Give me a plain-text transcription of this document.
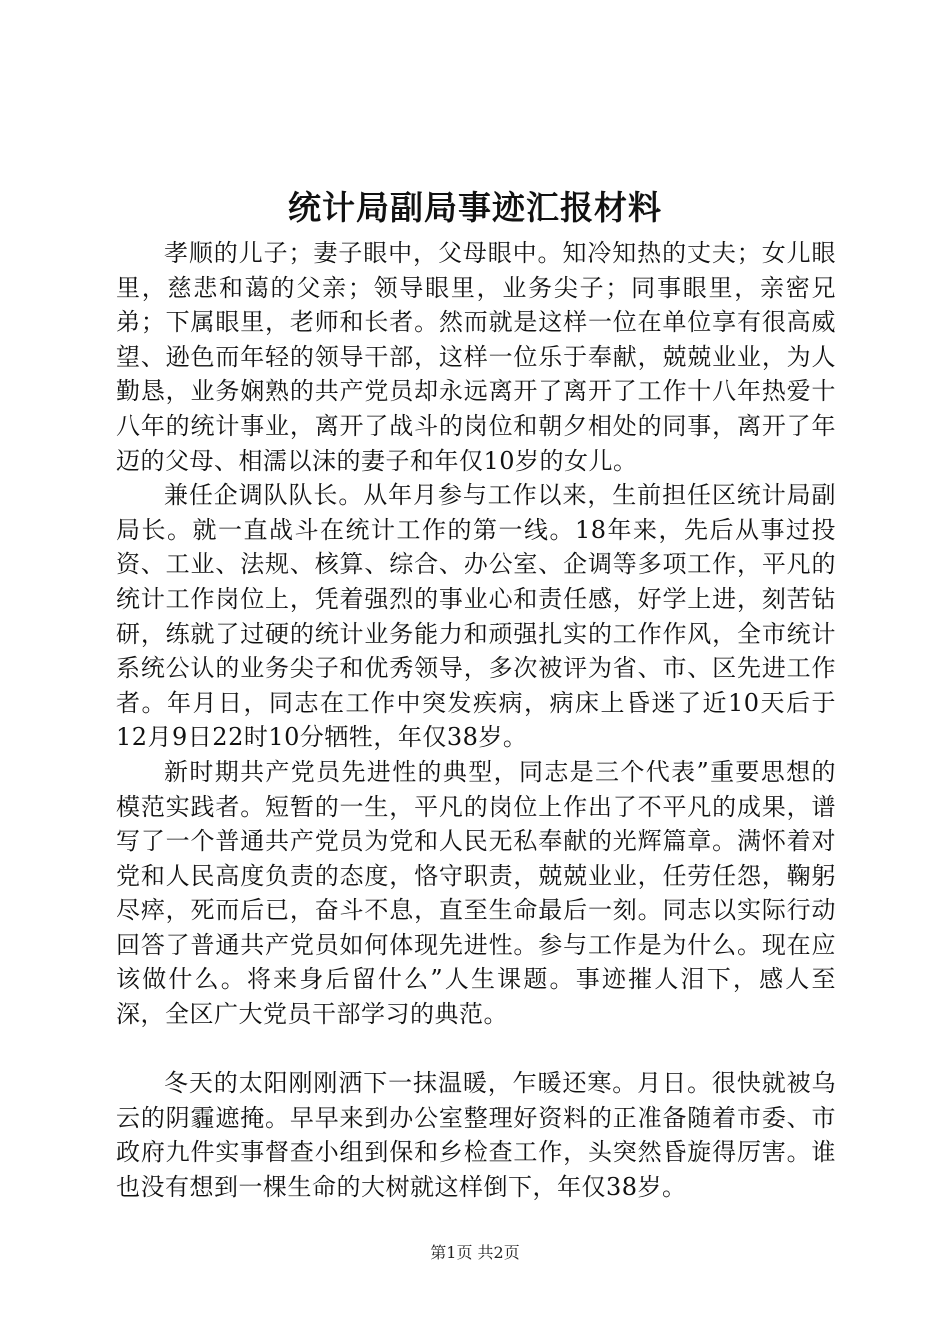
统计局副局事迹汇报材料

孝顺的儿子；妻子眼中，父母眼中。知冷知热的丈夫；女儿眼里，慈悲和蔼的父亲；领导眼里，业务尖子；同事眼里，亲密兄弟；下属眼里，老师和长者。然而就是这样一位在单位享有很高威望、逊色而年轻的领导干部，这样一位乐于奉献，兢兢业业，为人勤恳，业务娴熟的共产党员却永远离开了离开了工作十八年热爱十八年的统计事业，离开了战斗的岗位和朝夕相处的同事，离开了年迈的父母、相濡以沫的妻子和年仅10岁的女儿。

兼任企调队队长。从年月参与工作以来，生前担任区统计局副局长。就一直战斗在统计工作的第一线。18年来，先后从事过投资、工业、法规、核算、综合、办公室、企调等多项工作，平凡的统计工作岗位上，凭着强烈的事业心和责任感，好学上进，刻苦钻研，练就了过硬的统计业务能力和顽强扎实的工作作风，全市统计系统公认的业务尖子和优秀领导，多次被评为省、市、区先进工作者。年月日，同志在工作中突发疾病，病床上昏迷了近10天后于12月9日22时10分牺牲，年仅38岁。

新时期共产党员先进性的典型，同志是三个代表”重要思想的模范实践者。短暂的一生，平凡的岗位上作出了不平凡的成果，谱写了一个普通共产党员为党和人民无私奉献的光辉篇章。满怀着对党和人民高度负责的态度，恪守职责，兢兢业业，任劳任怨，鞠躬尽瘁，死而后已，奋斗不息，直至生命最后一刻。同志以实际行动回答了普通共产党员如何体现先进性。参与工作是为什么。现在应该做什么。将来身后留什么”人生课题。事迹摧人泪下，感人至深，全区广大党员干部学习的典范。

冬天的太阳刚刚洒下一抹温暖，乍暖还寒。月日。很快就被乌云的阴霾遮掩。早早来到办公室整理好资料的正准备随着市委、市政府九件实事督查小组到保和乡检查工作，头突然昏旋得厉害。谁也没有想到一棵生命的大树就这样倒下，年仅38岁。

第1页 共2页
